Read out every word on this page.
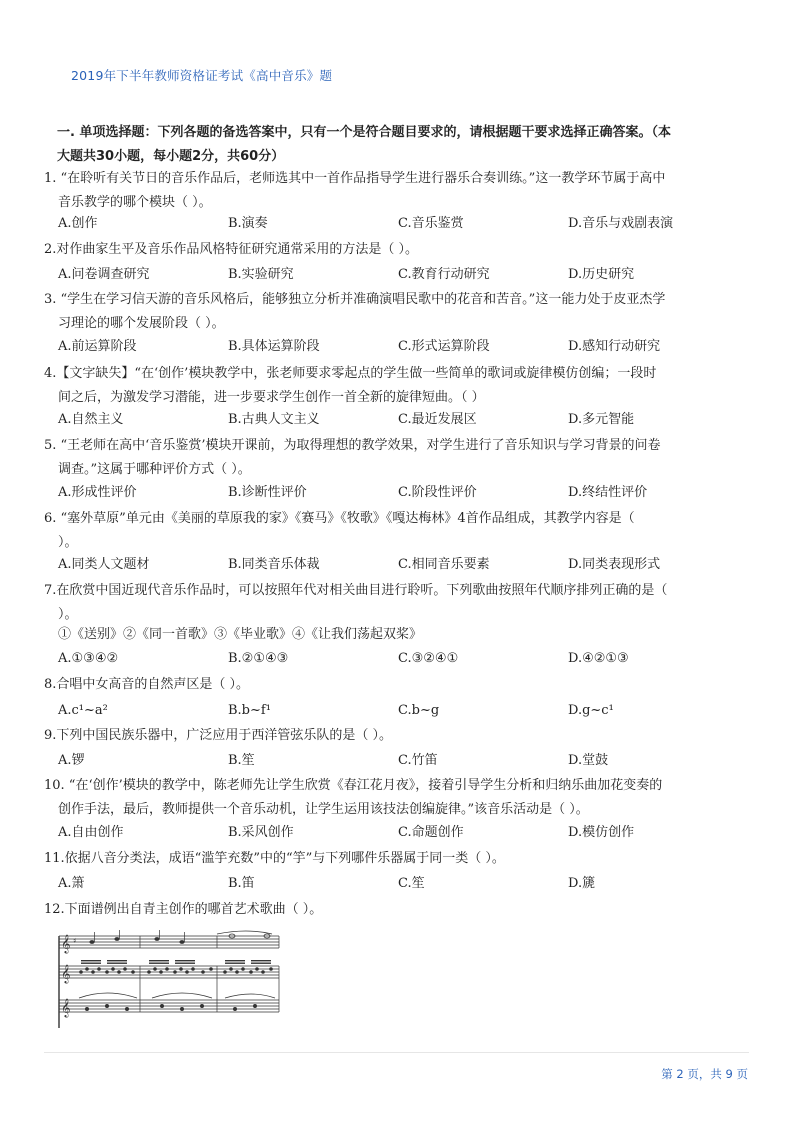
2019年下半年教师资格证考试《高中音乐》题
一. 单项选择题：下列各题的备选答案中，只有一个是符合题目要求的，请根据题干要求选择正确答案。（本
大题共30小题，每小题2分，共60分）
1. “在聆听有关节日的音乐作品后，老师选其中一首作品指导学生进行器乐合奏训练。”这一教学环节属于高中
音乐教学的哪个模块（ ）。
A.创作	B.演奏	C.音乐鉴赏	D.音乐与戏剧表演
2.对作曲家生平及音乐作品风格特征研究通常采用的方法是（ ）。
A.问卷调查研究	B.实验研究	C.教育行动研究	D.历史研究
3. “学生在学习信天游的音乐风格后，能够独立分析并准确演唱民歌中的花音和苦音。”这一能力处于皮亚杰学
习理论的哪个发展阶段（ ）。
A.前运算阶段	B.具体运算阶段	C.形式运算阶段	D.感知行动研究
4.【文字缺失】“在‘创作’模块教学中，张老师要求零起点的学生做一些简单的歌词或旋律模仿创编；一段时
间之后，为激发学习潜能，进一步要求学生创作一首全新的旋律短曲。（ ）
A.自然主义	B.古典人文主义	C.最近发展区	D.多元智能
5. “王老师在高中‘音乐鉴赏’模块开课前，为取得理想的教学效果，对学生进行了音乐知识与学习背景的问卷
调查。”这属于哪种评价方式（ ）。
A.形成性评价	B.诊断性评价	C.阶段性评价	D.终结性评价
6. “塞外草原”单元由《美丽的草原我的家》《赛马》《牧歌》《嘎达梅林》4首作品组成，其教学内容是（
）。
A.同类人文题材	B.同类音乐体裁	C.相同音乐要素	D.同类表现形式
7.在欣赏中国近现代音乐作品时，可以按照年代对相关曲目进行聆听。下列歌曲按照年代顺序排列正确的是（
）。
①《送别》②《同一首歌》③《毕业歌》④《让我们荡起双桨》
A.①③④②	B.②①④③	C.③②④①	D.④②①③
8.合唱中女高音的自然声区是（ ）。
A.c¹~a²	B.b~f¹	C.b~g	D.g~c¹
9.下列中国民族乐器中，广泛应用于西洋管弦乐队的是（ ）。
A.锣	B.笙	C.竹笛	D.堂鼓
10. “在‘创作’模块的教学中，陈老师先让学生欣赏《春江花月夜》，接着引导学生分析和归纳乐曲加花变奏的
创作手法，最后，教师提供一个音乐动机，让学生运用该技法创编旋律。”该音乐活动是（ ）。
A.自由创作	B.采风创作	C.命题创作	D.模仿创作
11.依据八音分类法，成语“滥竽充数”中的“竽”与下列哪件乐器属于同一类（ ）。
A.箫	B.笛	C.笙	D.篪
12.下面谱例出自青主创作的哪首艺术歌曲（ ）。
𝄞
𝄞
𝄞
♯
第 2 页，共 9 页
